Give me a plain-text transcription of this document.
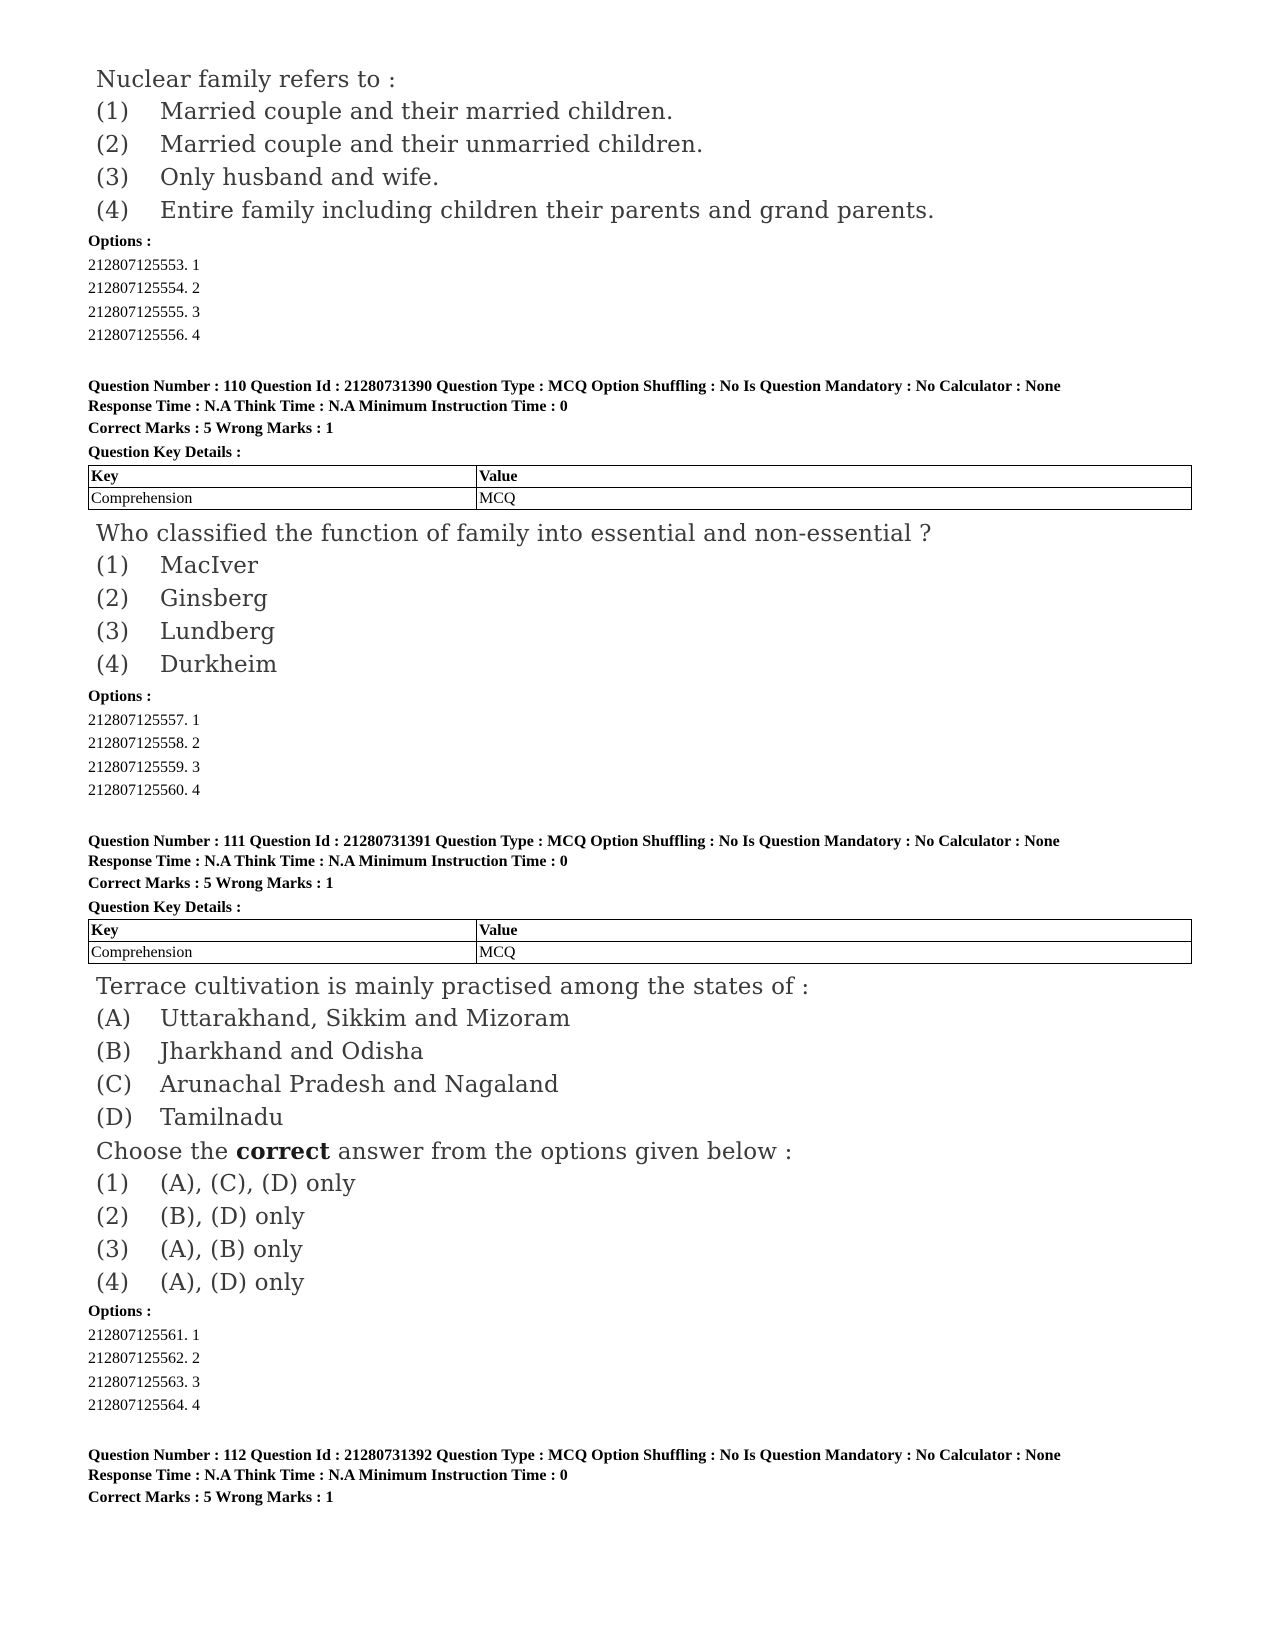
Nuclear family refers to :
(1)	Married couple and their married children.
(2)	Married couple and their unmarried children.
(3)	Only husband and wife.
(4)	Entire family including children their parents and grand parents.
Options :
212807125553. 1
212807125554. 2
212807125555. 3
212807125556. 4
Question Number : 110 Question Id : 21280731390 Question Type : MCQ Option Shuffling : No Is Question Mandatory : No Calculator : None
Response Time : N.A Think Time : N.A Minimum Instruction Time : 0
Correct Marks : 5 Wrong Marks : 1
Question Key Details :
Key	Value
Comprehension	MCQ
Who classified the function of family into essential and non-essential ?
(1)	MacIver
(2)	Ginsberg
(3)	Lundberg
(4)	Durkheim
Options :
212807125557. 1
212807125558. 2
212807125559. 3
212807125560. 4
Question Number : 111 Question Id : 21280731391 Question Type : MCQ Option Shuffling : No Is Question Mandatory : No Calculator : None
Response Time : N.A Think Time : N.A Minimum Instruction Time : 0
Correct Marks : 5 Wrong Marks : 1
Question Key Details :
Key	Value
Comprehension	MCQ
Terrace cultivation is mainly practised among the states of :
(A)	Uttarakhand, Sikkim and Mizoram
(B)	Jharkhand and Odisha
(C)	Arunachal Pradesh and Nagaland
(D)	Tamilnadu
Choose the correct answer from the options given below :
(1)	(A), (C), (D) only
(2)	(B), (D) only
(3)	(A), (B) only
(4)	(A), (D) only
Options :
212807125561. 1
212807125562. 2
212807125563. 3
212807125564. 4
Question Number : 112 Question Id : 21280731392 Question Type : MCQ Option Shuffling : No Is Question Mandatory : No Calculator : None
Response Time : N.A Think Time : N.A Minimum Instruction Time : 0
Correct Marks : 5 Wrong Marks : 1
